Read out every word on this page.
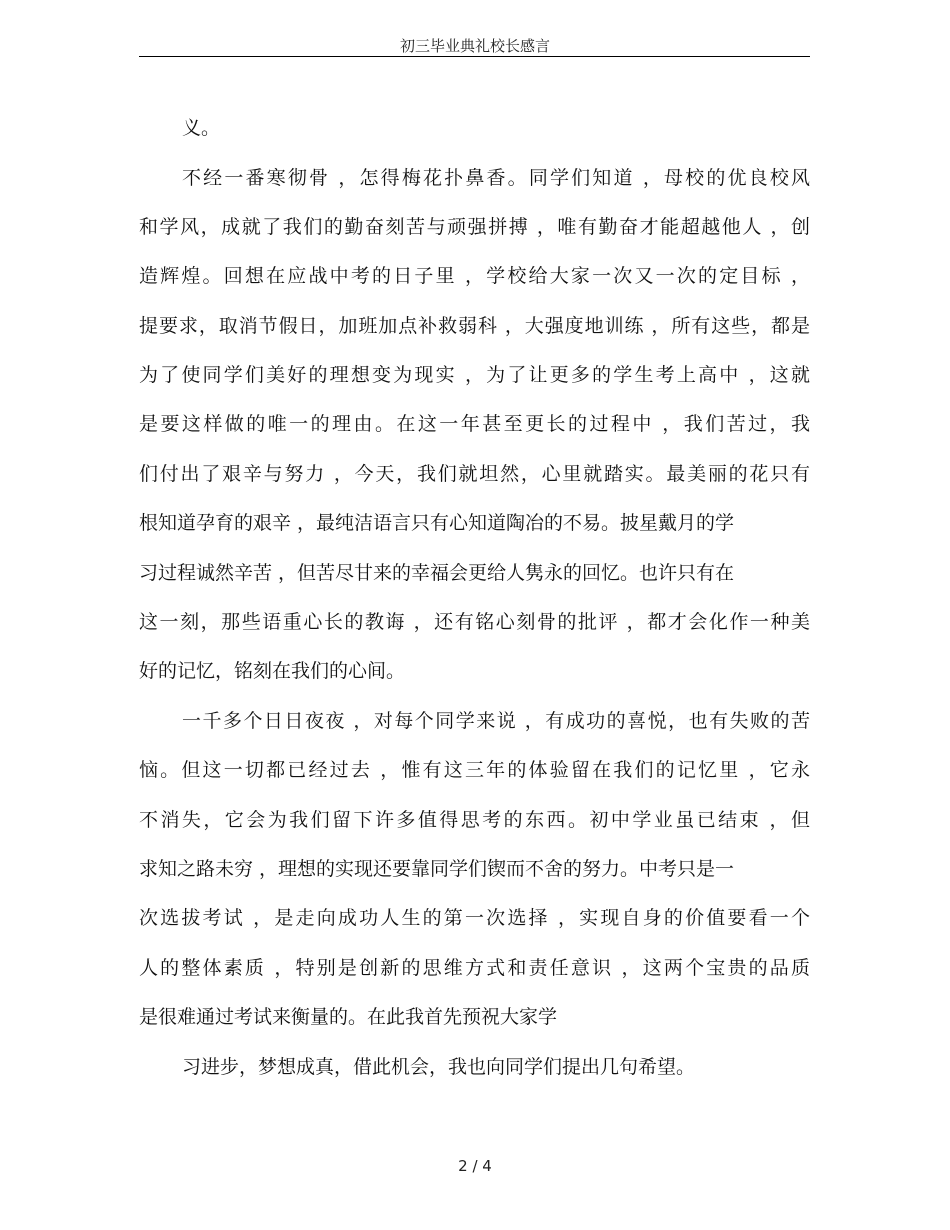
初三毕业典礼校长感言
义。
不经一番寒彻骨 ，怎得梅花扑鼻香。同学们知道 ，母校的优良校风
和学风，成就了我们的勤奋刻苦与顽强拼搏 ，唯有勤奋才能超越他人 ，创
造辉煌。回想在应战中考的日子里 ，学校给大家一次又一次的定目标 ，
提要求，取消节假日，加班加点补救弱科 ，大强度地训练 ，所有这些，都是
为了使同学们美好的理想变为现实 ，为了让更多的学生考上高中 ，这就
是要这样做的唯一的理由。在这一年甚至更长的过程中 ，我们苦过，我
们付出了艰辛与努力 ，今天，我们就坦然，心里就踏实。最美丽的花只有
根知道孕育的艰辛 ，最纯洁语言只有心知道陶冶的不易。披星戴月的学
习过程诚然辛苦 ，但苦尽甘来的幸福会更给人隽永的回忆。也许只有在
这一刻，那些语重心长的教诲 ，还有铭心刻骨的批评 ，都才会化作一种美
好的记忆，铭刻在我们的心间。
一千多个日日夜夜 ，对每个同学来说 ，有成功的喜悦，也有失败的苦
恼。但这一切都已经过去 ，惟有这三年的体验留在我们的记忆里 ，它永
不消失，它会为我们留下许多值得思考的东西。初中学业虽已结束 ，但
求知之路未穷 ，理想的实现还要靠同学们锲而不舍的努力。中考只是一
次选拔考试 ，是走向成功人生的第一次选择 ，实现自身的价值要看一个
人的整体素质 ，特别是创新的思维方式和责任意识 ，这两个宝贵的品质
是很难通过考试来衡量的。在此我首先预祝大家学
习进步，梦想成真，借此机会，我也向同学们提出几句希望。
2 / 4
